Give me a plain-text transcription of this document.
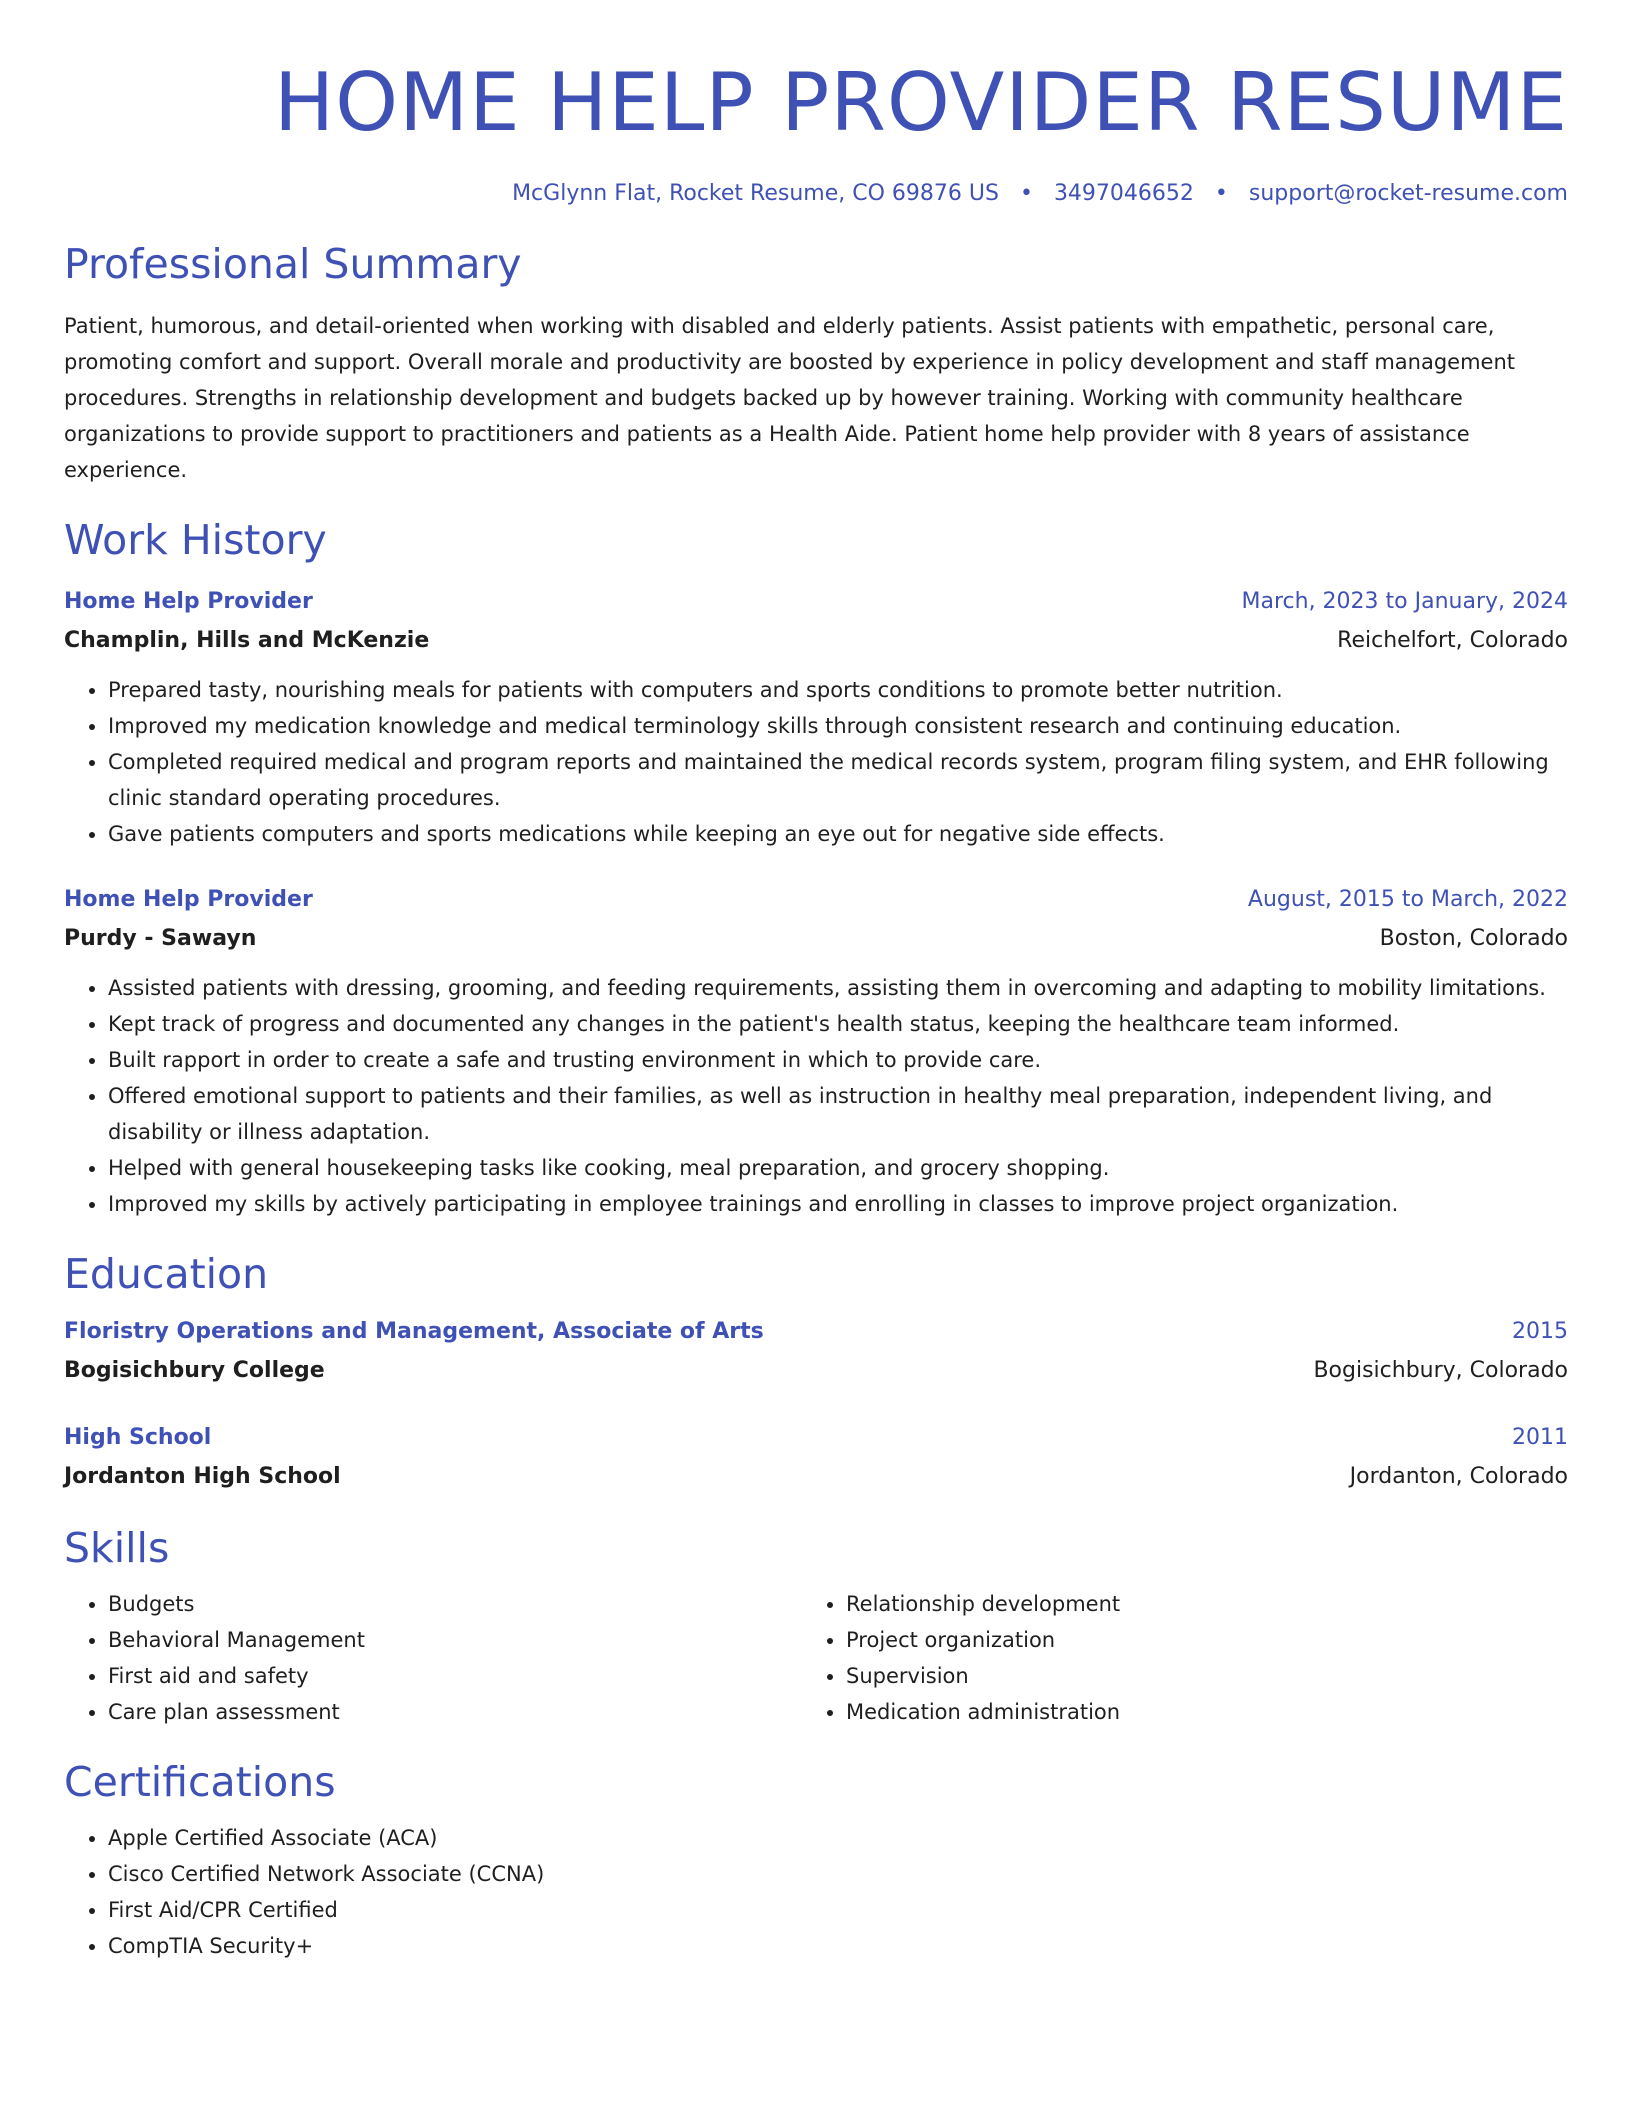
HOME HELP PROVIDER RESUME
McGlynn Flat, Rocket Resume, CO 69876 US • 3497046652 • support@rocket-resume.com
Professional Summary
Patient, humorous, and detail-oriented when working with disabled and elderly patients. Assist patients with empathetic, personal care, promoting comfort and support. Overall morale and productivity are boosted by experience in policy development and staff management procedures. Strengths in relationship development and budgets backed up by however training. Working with community healthcare organizations to provide support to practitioners and patients as a Health Aide. Patient home help provider with 8 years of assistance experience.
Work History
Home Help Provider	March, 2023 to January, 2024
Champlin, Hills and McKenzie	Reichelfort, Colorado
• Prepared tasty, nourishing meals for patients with computers and sports conditions to promote better nutrition.
• Improved my medication knowledge and medical terminology skills through consistent research and continuing education.
• Completed required medical and program reports and maintained the medical records system, program filing system, and EHR following clinic standard operating procedures.
• Gave patients computers and sports medications while keeping an eye out for negative side effects.
Home Help Provider	August, 2015 to March, 2022
Purdy - Sawayn	Boston, Colorado
• Assisted patients with dressing, grooming, and feeding requirements, assisting them in overcoming and adapting to mobility limitations.
• Kept track of progress and documented any changes in the patient's health status, keeping the healthcare team informed.
• Built rapport in order to create a safe and trusting environment in which to provide care.
• Offered emotional support to patients and their families, as well as instruction in healthy meal preparation, independent living, and disability or illness adaptation.
• Helped with general housekeeping tasks like cooking, meal preparation, and grocery shopping.
• Improved my skills by actively participating in employee trainings and enrolling in classes to improve project organization.
Education
Floristry Operations and Management, Associate of Arts	2015
Bogisichbury College	Bogisichbury, Colorado
High School	2011
Jordanton High School	Jordanton, Colorado
Skills
• Budgets
• Behavioral Management
• First aid and safety
• Care plan assessment
• Relationship development
• Project organization
• Supervision
• Medication administration
Certifications
• Apple Certified Associate (ACA)
• Cisco Certified Network Associate (CCNA)
• First Aid/CPR Certified
• CompTIA Security+
